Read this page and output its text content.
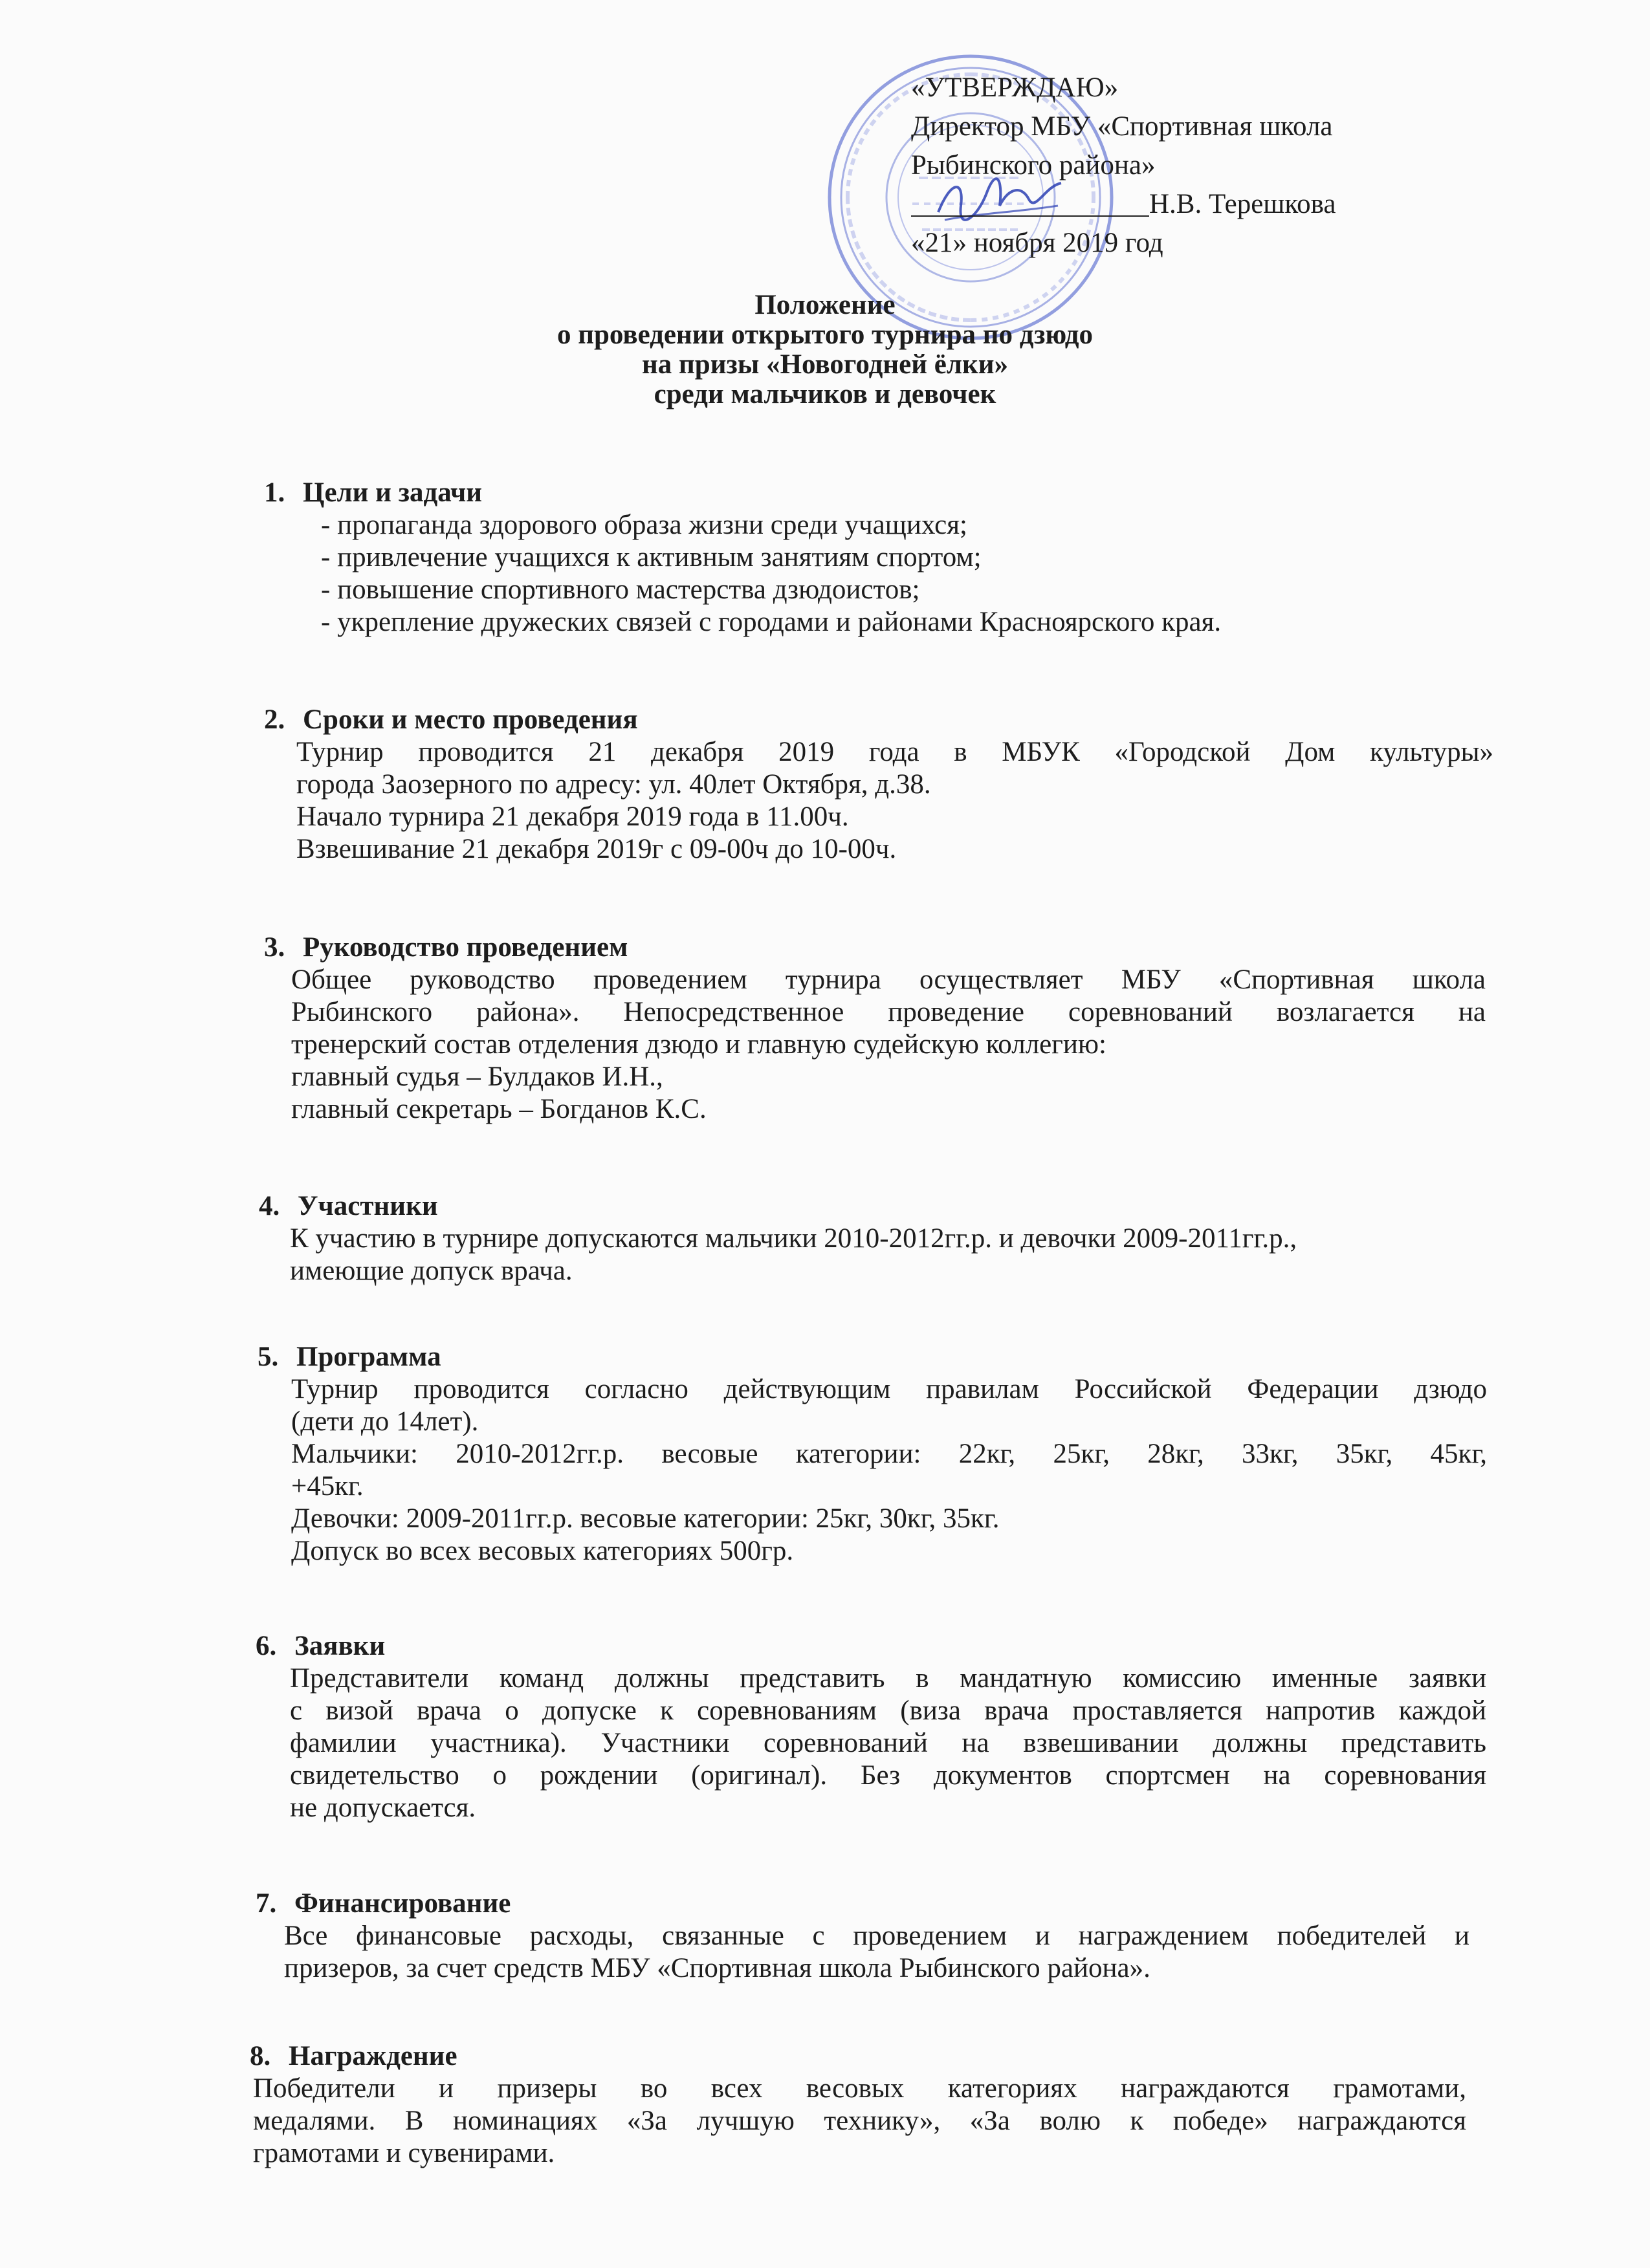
«УТВЕРЖДАЮ»
Директор МБУ «Спортивная школа
Рыбинского района»
Н.В. Терешкова
«21» ноября 2019 год
Положение
о проведении открытого турнира по дзюдо
на призы «Новогодней ёлки»
среди мальчиков и девочек
1. Цели и задачи
- пропаганда здорового образа жизни среди учащихся;
- привлечение учащихся к активным занятиям спортом;
- повышение спортивного мастерства дзюдоистов;
- укрепление дружеских связей с городами и районами Красноярского края.
2. Сроки и место проведения
Турнир проводится 21 декабря 2019 года в МБУК «Городской Дом культуры»
города Заозерного по адресу: ул. 40лет Октября, д.38.
Начало турнира 21 декабря 2019 года в 11.00ч.
Взвешивание 21 декабря 2019г с 09-00ч до 10-00ч.
3. Руководство проведением
Общее руководство проведением турнира осуществляет МБУ «Спортивная школа
Рыбинского района». Непосредственное проведение соревнований возлагается на
тренерский состав отделения дзюдо и главную судейскую коллегию:
главный судья – Булдаков И.Н.,
главный секретарь – Богданов К.С.
4. Участники
К участию в турнире допускаются мальчики 2010-2012гг.р. и девочки 2009-2011гг.р.,
имеющие допуск врача.
5. Программа
Турнир проводится согласно действующим правилам Российской Федерации дзюдо
(дети до 14лет).
Мальчики: 2010-2012гг.р. весовые категории: 22кг, 25кг, 28кг, 33кг, 35кг, 45кг,
+45кг.
Девочки: 2009-2011гг.р. весовые категории: 25кг, 30кг, 35кг.
Допуск во всех весовых категориях 500гр.
6. Заявки
Представители команд должны представить в мандатную комиссию именные заявки
с визой врача о допуске к соревнованиям (виза врача проставляется напротив каждой
фамилии участника). Участники соревнований на взвешивании должны представить
свидетельство о рождении (оригинал). Без документов спортсмен на соревнования
не допускается.
7. Финансирование
Все финансовые расходы, связанные с проведением и награждением победителей и
призеров, за счет средств МБУ «Спортивная школа Рыбинского района».
8. Награждение
Победители и призеры во всех весовых категориях награждаются грамотами,
медалями. В номинациях «За лучшую технику», «За волю к победе» награждаются
грамотами и сувенирами.
